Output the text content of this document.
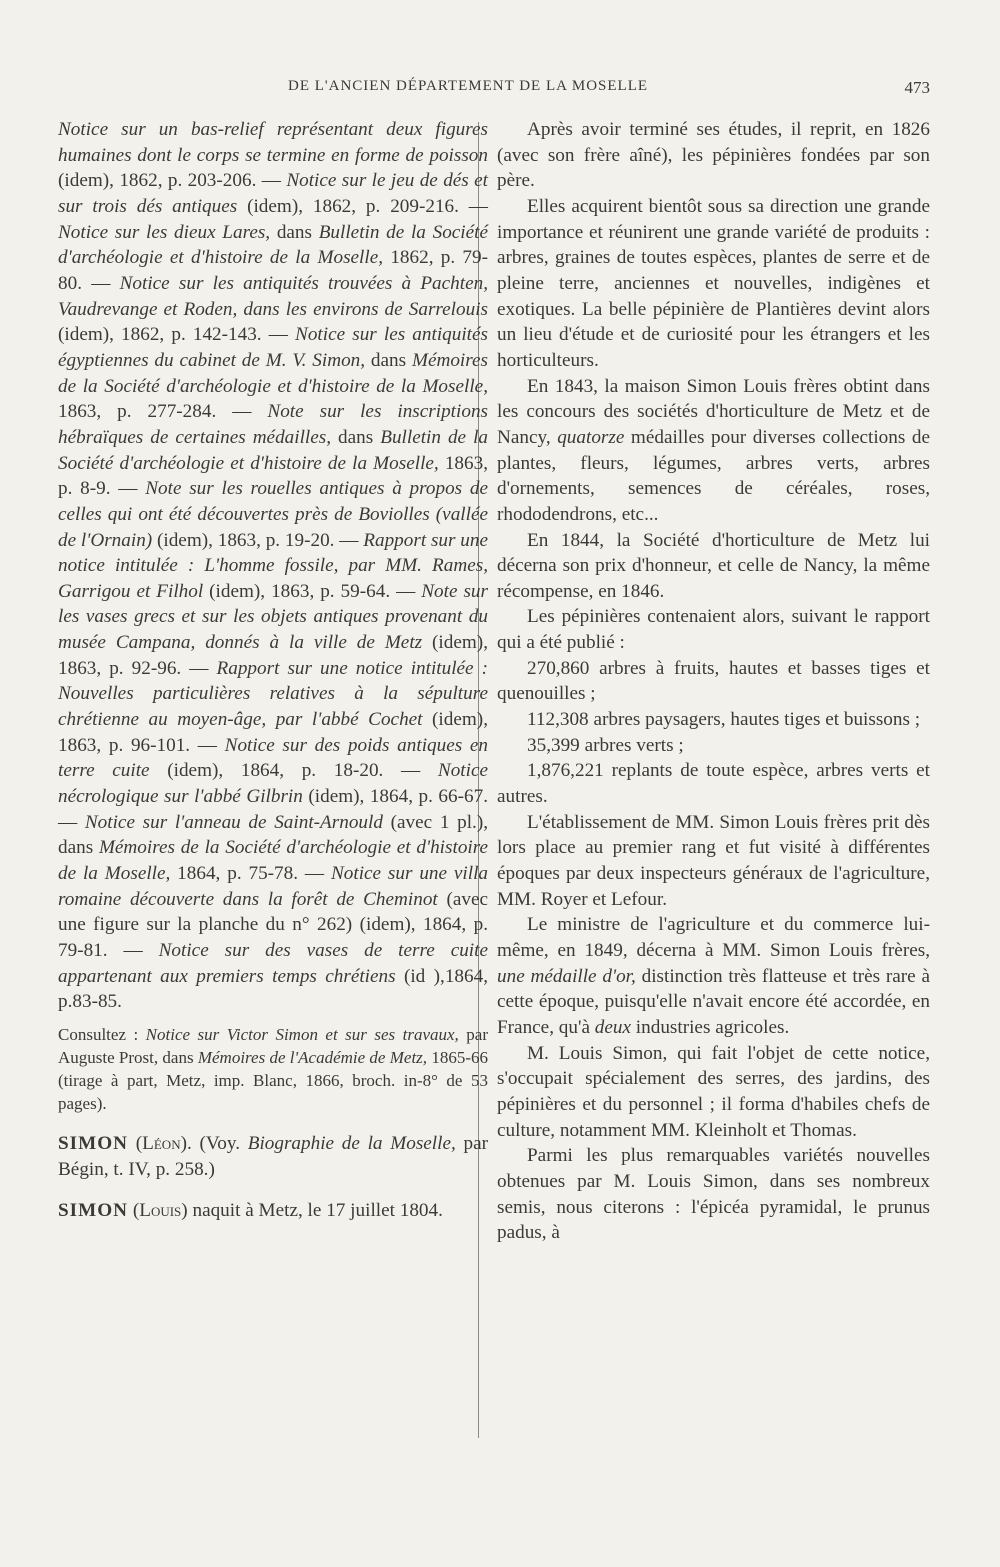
DE L'ANCIEN DÉPARTEMENT DE LA MOSELLE	473

Notice sur un bas-relief représentant deux figures humaines dont le corps se termine en forme de poisson (idem), 1862, p. 203-206. — Notice sur le jeu de dés et sur trois dés antiques (idem), 1862, p. 209-216. — Notice sur les dieux Lares, dans Bulletin de la Société d'archéologie et d'histoire de la Moselle, 1862, p. 79-80. — Notice sur les antiquités trouvées à Pachten, Vaudrevange et Roden, dans les environs de Sarrelouis (idem), 1862, p. 142-143. — Notice sur les antiquités égyptiennes du cabinet de M. V. Simon, dans Mémoires de la Société d'archéologie et d'histoire de la Moselle, 1863, p. 277-284. — Note sur les inscriptions hébraïques de certaines médailles, dans Bulletin de la Société d'archéologie et d'histoire de la Moselle, 1863, p. 8-9. — Note sur les rouelles antiques à propos de celles qui ont été découvertes près de Boviolles (vallée de l'Ornain) (idem), 1863, p. 19-20. — Rapport sur une notice intitulée : L'homme fossile, par MM. Rames, Garrigou et Filhol (idem), 1863, p. 59-64. — Note sur les vases grecs et sur les objets antiques provenant du musée Campana, donnés à la ville de Metz (idem), 1863, p. 92-96. — Rapport sur une notice intitulée : Nouvelles particulières relatives à la sépulture chrétienne au moyen-âge, par l'abbé Cochet (idem), 1863, p. 96-101. — Notice sur des poids antiques en terre cuite (idem), 1864, p. 18-20. — Notice nécrologique sur l'abbé Gilbrin (idem), 1864, p. 66-67. — Notice sur l'anneau de Saint-Arnould (avec 1 pl.), dans Mémoires de la Société d'archéologie et d'histoire de la Moselle, 1864, p. 75-78. — Notice sur une villa romaine découverte dans la forêt de Cheminot (avec une figure sur la planche du n° 262) (idem), 1864, p. 79-81. — Notice sur des vases de terre cuite appartenant aux premiers temps chrétiens (id ),1864, p.83-85.

Consultez : Notice sur Victor Simon et sur ses travaux, par Auguste Prost, dans Mémoires de l'Académie de Metz, 1865-66 (tirage à part, Metz, imp. Blanc, 1866, broch. in-8° de 53 pages).

SIMON (Léon). (Voy. Biographie de la Moselle, par Bégin, t. IV, p. 258.)

SIMON (Louis) naquit à Metz, le 17 juillet 1804.

Après avoir terminé ses études, il reprit, en 1826 (avec son frère aîné), les pépinières fondées par son père.

Elles acquirent bientôt sous sa direction une grande importance et réunirent une grande variété de produits : arbres, graines de toutes espèces, plantes de serre et de pleine terre, anciennes et nouvelles, indigènes et exotiques. La belle pépinière de Plantières devint alors un lieu d'étude et de curiosité pour les étrangers et les horticulteurs.

En 1843, la maison Simon Louis frères obtint dans les concours des sociétés d'horticulture de Metz et de Nancy, quatorze médailles pour diverses collections de plantes, fleurs, légumes, arbres verts, arbres d'ornements, semences de céréales, roses, rhododendrons, etc...

En 1844, la Société d'horticulture de Metz lui décerna son prix d'honneur, et celle de Nancy, la même récompense, en 1846.

Les pépinières contenaient alors, suivant le rapport qui a été publié :

270,860 arbres à fruits, hautes et basses tiges et quenouilles ;

112,308 arbres paysagers, hautes tiges et buissons ;

35,399 arbres verts ;

1,876,221 replants de toute espèce, arbres verts et autres.

L'établissement de MM. Simon Louis frères prit dès lors place au premier rang et fut visité à différentes époques par deux inspecteurs généraux de l'agriculture, MM. Royer et Lefour.

Le ministre de l'agriculture et du commerce lui-même, en 1849, décerna à MM. Simon Louis frères, une médaille d'or, distinction très flatteuse et très rare à cette époque, puisqu'elle n'avait encore été accordée, en France, qu'à deux industries agricoles.

M. Louis Simon, qui fait l'objet de cette notice, s'occupait spécialement des serres, des jardins, des pépinières et du personnel ; il forma d'habiles chefs de culture, notamment MM. Kleinholt et Thomas.

Parmi les plus remarquables variétés nouvelles obtenues par M. Louis Simon, dans ses nombreux semis, nous citerons : l'épicéa pyramidal, le prunus padus, à
